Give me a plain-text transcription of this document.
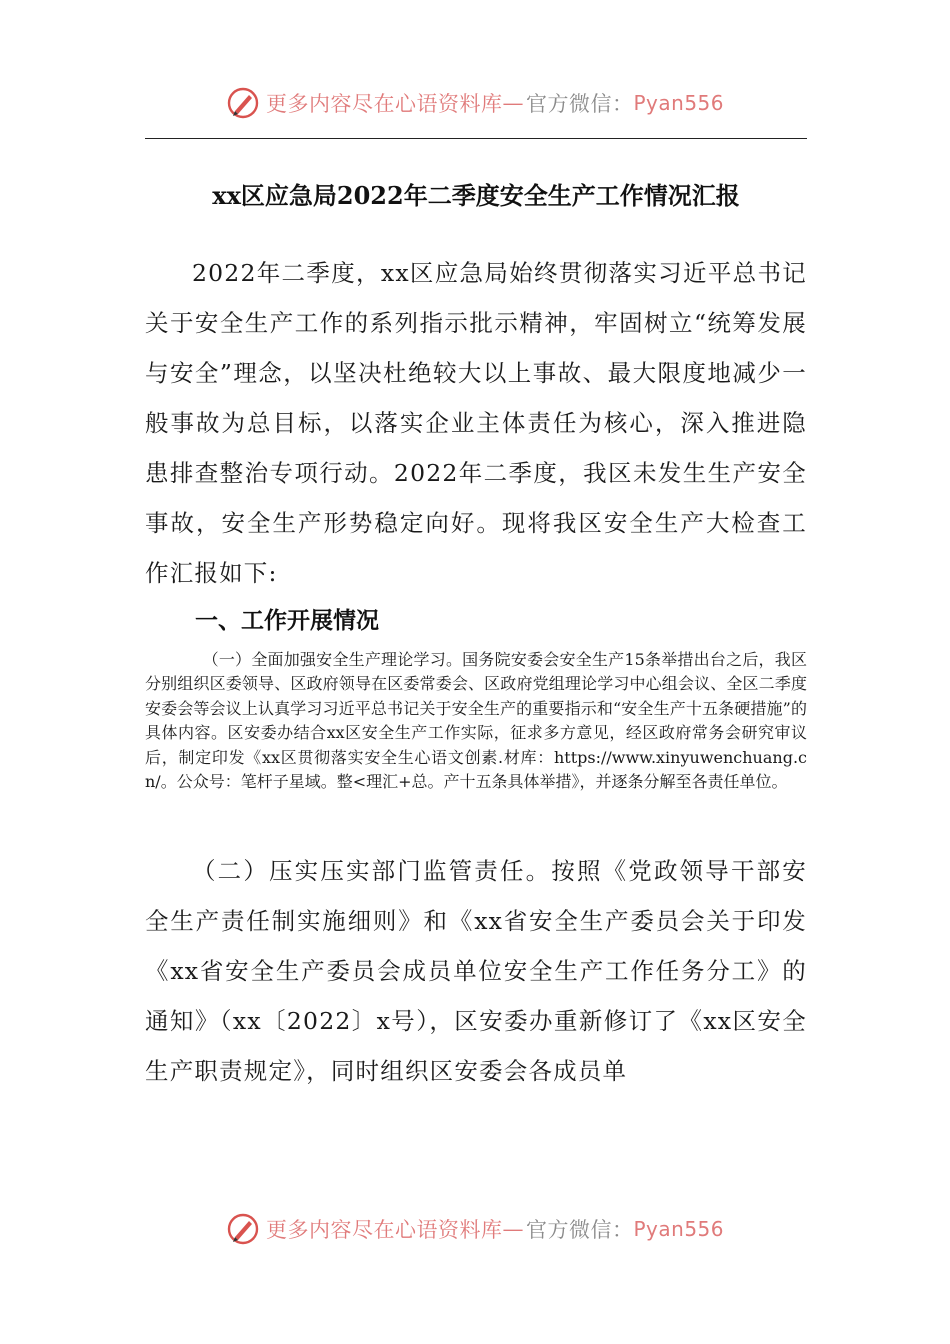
更多内容尽在心语资料库 — 官方微信： Pyan556
xx区应急局2022年二季度安全生产工作情况汇报

2022年二季度，xx区应急局始终贯彻落实习近平总书记关于安全生产工作的系列指示批示精神，牢固树立“统筹发展与安全”理念，以坚决杜绝较大以上事故、最大限度地减少一般事故为总目标，以落实企业主体责任为核心，深入推进隐患排查整治专项行动。2022年二季度，我区未发生生产安全事故，安全生产形势稳定向好。现将我区安全生产大检查工作汇报如下:

一、工作开展情况

（一）全面加强安全生产理论学习。国务院安委会安全生产15条举措出台之后，我区分别组织区委领导、区政府领导在区委常委会、区政府党组理论学习中心组会议、全区二季度安委会等会议上认真学习习近平总书记关于安全生产的重要指示和“安全生产十五条硬措施”的具体内容。区安委办结合xx区安全生产工作实际，征求多方意见，经区政府常务会研究审议后，制定印发《xx区贯彻落实安全生心语文创素.材库：https://www.xinyuwenchuang.cn/。公众号：笔杆子星域。整<理汇+总。产十五条具体举措》，并逐条分解至各责任单位。

（二）压实压实部门监管责任。按照《党政领导干部安全生产责任制实施细则》和《xx省安全生产委员会关于印发《xx省安全生产委员会成员单位安全生产工作任务分工》的通知》（xx〔2022〕x号），区安委办重新修订了《xx区安全生产职责规定》，同时组织区安委会各成员单

更多内容尽在心语资料库 — 官方微信： Pyan556
